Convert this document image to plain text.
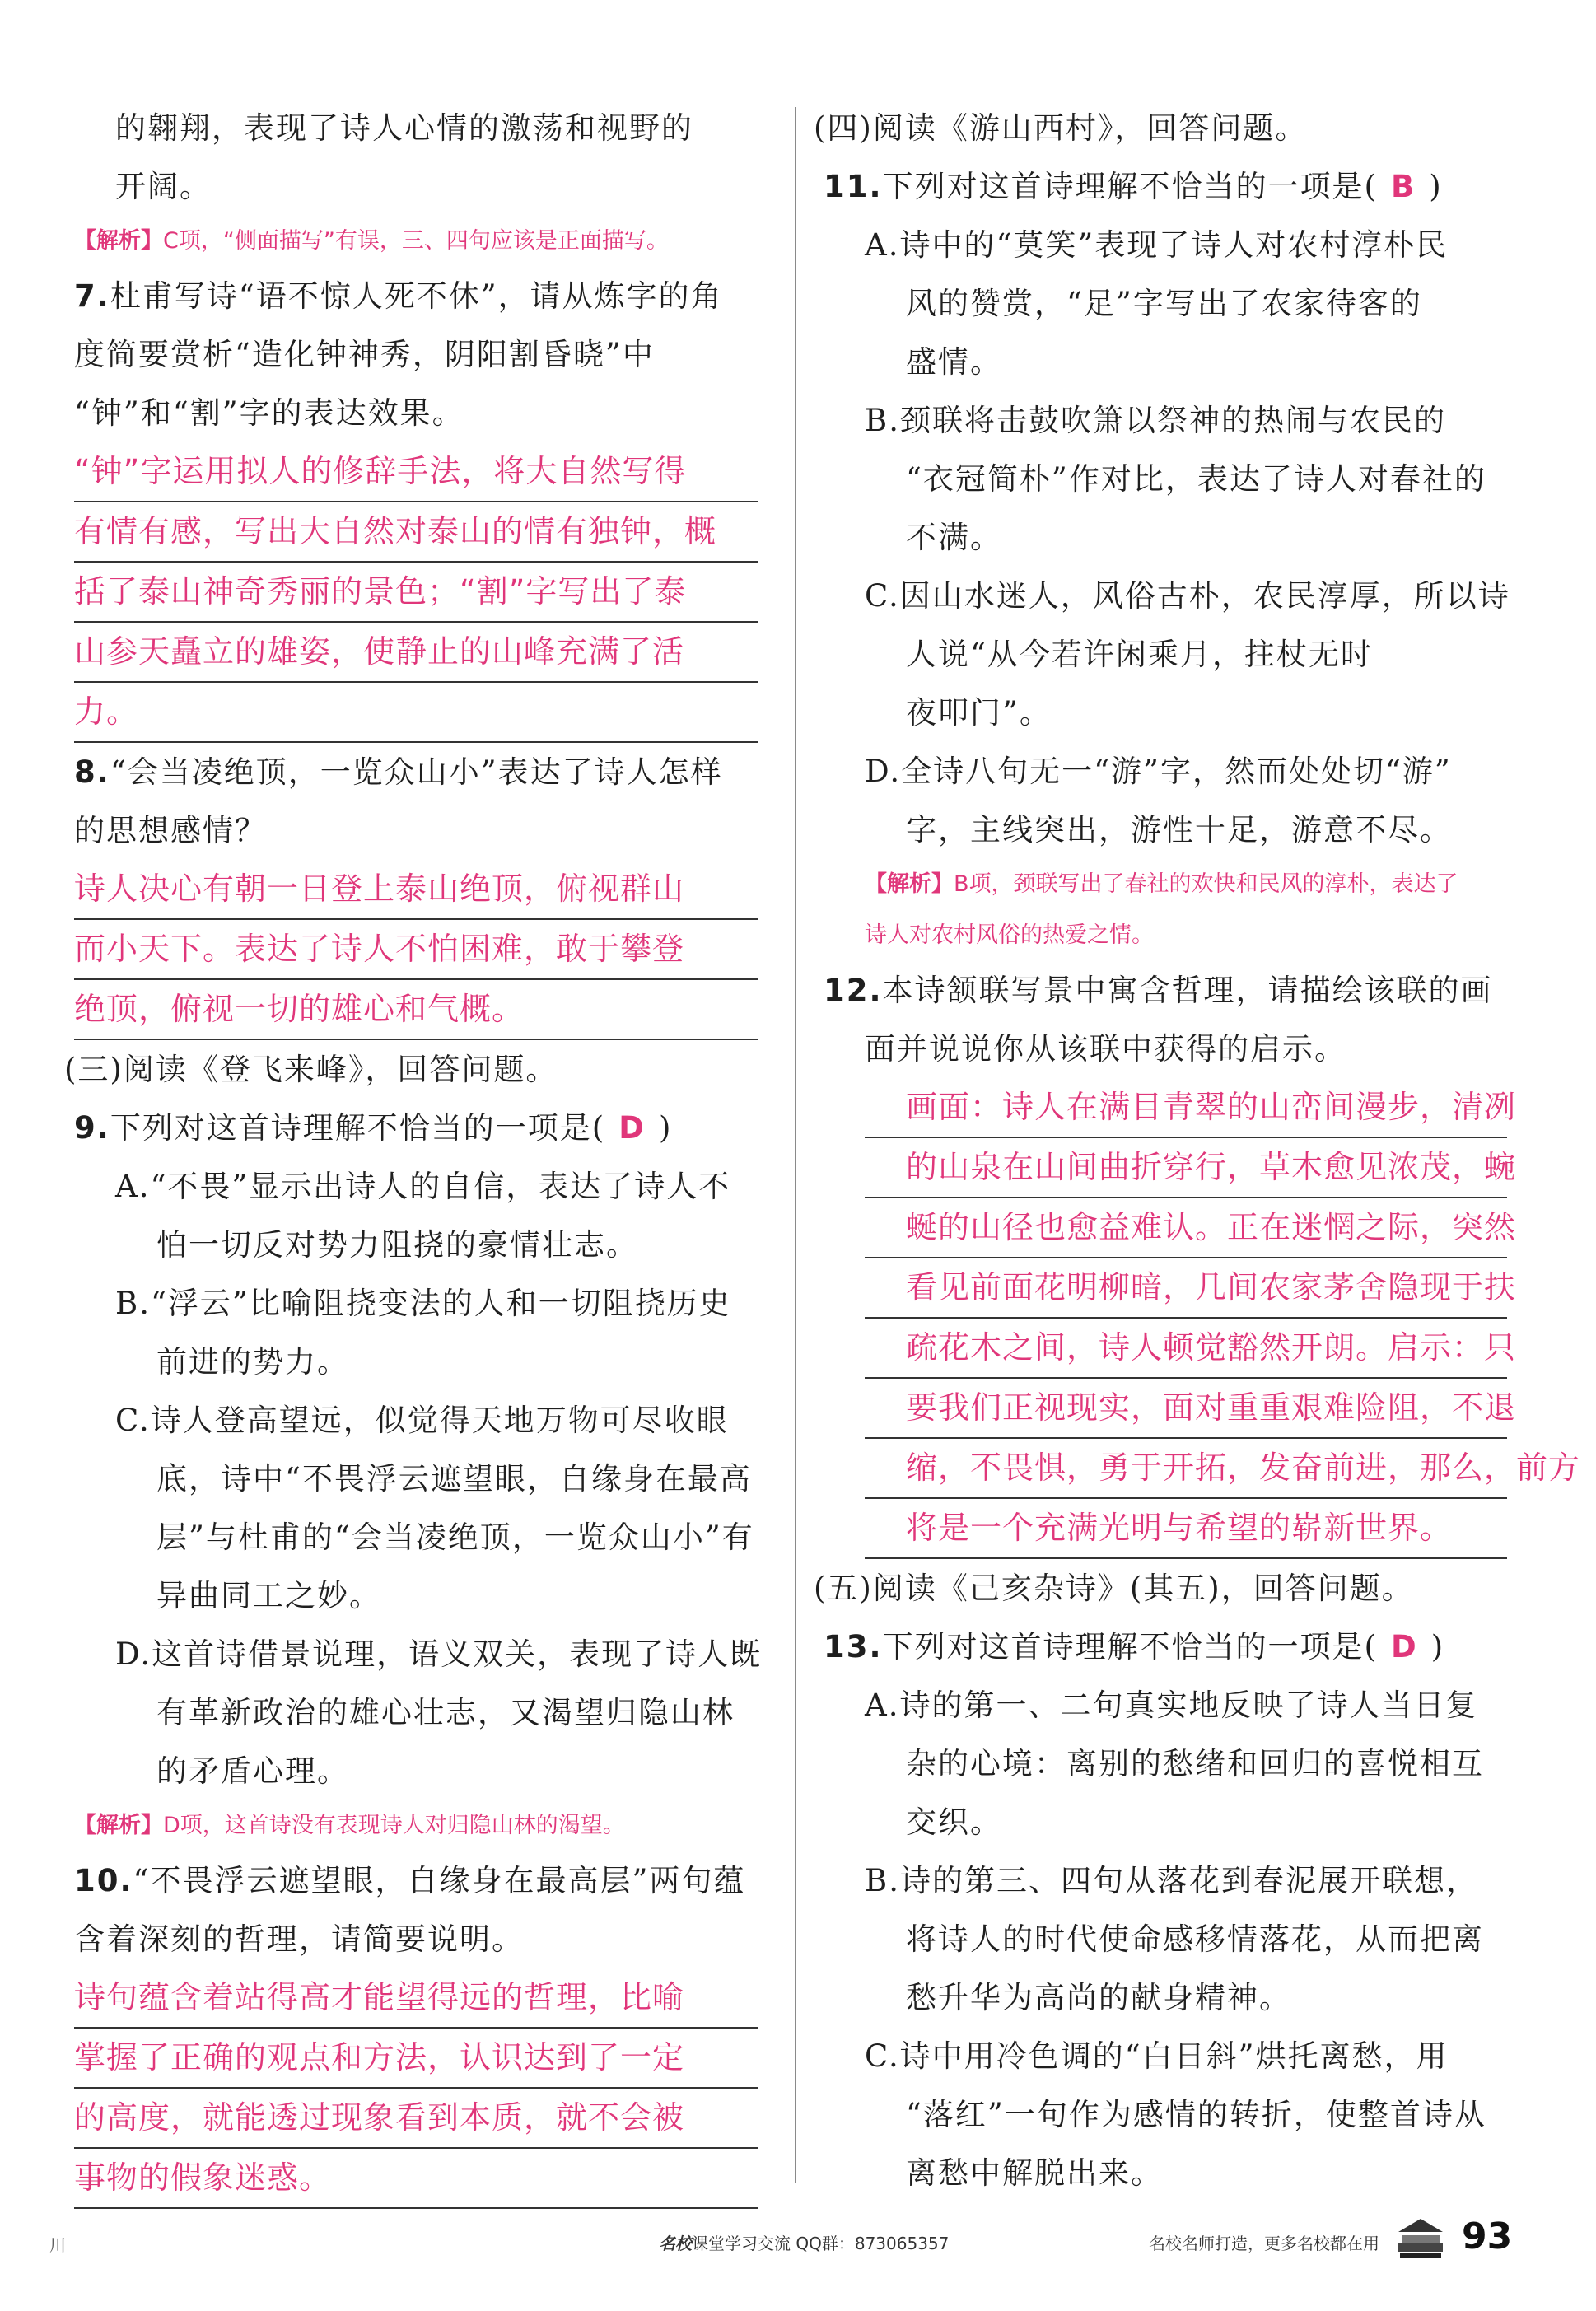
的翱翔，表现了诗人心情的激荡和视野的
开阔。
【解析】C项，“侧面描写”有误，三、四句应该是正面描写。
7.杜甫写诗“语不惊人死不休”，请从炼字的角
度简要赏析“造化钟神秀，阴阳割昏晓”中
“钟”和“割”字的表达效果。
“钟”字运用拟人的修辞手法，将大自然写得
有情有感，写出大自然对泰山的情有独钟，概
括了泰山神奇秀丽的景色；“割”字写出了泰
山参天矗立的雄姿，使静止的山峰充满了活
力。
8.“会当凌绝顶，一览众山小”表达了诗人怎样
的思想感情？
诗人决心有朝一日登上泰山绝顶，俯视群山
而小天下。表达了诗人不怕困难，敢于攀登
绝顶，俯视一切的雄心和气概。
(三)阅读《登飞来峰》，回答问题。
9.下列对这首诗理解不恰当的一项是( D )
A.“不畏”显示出诗人的自信，表达了诗人不
怕一切反对势力阻挠的豪情壮志。
B.“浮云”比喻阻挠变法的人和一切阻挠历史
前进的势力。
C.诗人登高望远，似觉得天地万物可尽收眼
底，诗中“不畏浮云遮望眼，自缘身在最高
层”与杜甫的“会当凌绝顶，一览众山小”有
异曲同工之妙。
D.这首诗借景说理，语义双关，表现了诗人既
有革新政治的雄心壮志，又渴望归隐山林
的矛盾心理。
【解析】D项，这首诗没有表现诗人对归隐山林的渴望。
10.“不畏浮云遮望眼，自缘身在最高层”两句蕴
含着深刻的哲理，请简要说明。
诗句蕴含着站得高才能望得远的哲理，比喻
掌握了正确的观点和方法，认识达到了一定
的高度，就能透过现象看到本质，就不会被
事物的假象迷惑。
(四)阅读《游山西村》，回答问题。
11.下列对这首诗理解不恰当的一项是( B )
A.诗中的“莫笑”表现了诗人对农村淳朴民
风的赞赏，“足”字写出了农家待客的
盛情。
B.颈联将击鼓吹箫以祭神的热闹与农民的
“衣冠简朴”作对比，表达了诗人对春社的
不满。
C.因山水迷人，风俗古朴，农民淳厚，所以诗
人说“从今若许闲乘月，拄杖无时
夜叩门”。
D.全诗八句无一“游”字，然而处处切“游”
字，主线突出，游性十足，游意不尽。
【解析】B项，颈联写出了春社的欢快和民风的淳朴，表达了
诗人对农村风俗的热爱之情。
12.本诗颔联写景中寓含哲理，请描绘该联的画
面并说说你从该联中获得的启示。
画面：诗人在满目青翠的山峦间漫步，清冽
的山泉在山间曲折穿行，草木愈见浓茂，蜿
蜒的山径也愈益难认。正在迷惘之际，突然
看见前面花明柳暗，几间农家茅舍隐现于扶
疏花木之间，诗人顿觉豁然开朗。启示：只
要我们正视现实，面对重重艰难险阻，不退
缩，不畏惧，勇于开拓，发奋前进，那么，前方
将是一个充满光明与希望的崭新世界。
(五)阅读《己亥杂诗》(其五)，回答问题。
13.下列对这首诗理解不恰当的一项是( D )
A.诗的第一、二句真实地反映了诗人当日复
杂的心境：离别的愁绪和回归的喜悦相互
交织。
B.诗的第三、四句从落花到春泥展开联想，
将诗人的时代使命感移情落花，从而把离
愁升华为高尚的献身精神。
C.诗中用冷色调的“白日斜”烘托离愁，用
“落红”一句作为感情的转折，使整首诗从
离愁中解脱出来。
川	名校课堂学习交流 QQ群：873065357	名校名师打造，更多名校都在用 93
